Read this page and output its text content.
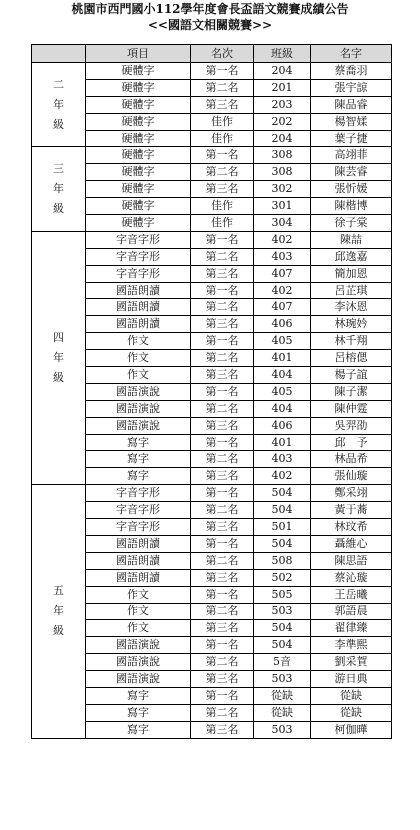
桃園市西門國小112學年度會長盃語文競賽成績公告
<<國語文相關競賽>>
	項目	名次	班級	名字

二
年
級	硬體字	第一名	204	蔡喬羽
	硬體字	第二名	201	張宇諒
	硬體字	第三名	203	陳品睿
	硬體字	佳作	202	楊智媃
	硬體字	佳作	204	葉子捷

三
年
級	硬體字	第一名	308	高翊菲
	硬體字	第二名	308	陳芸睿
	硬體字	第三名	302	張忻媛
	硬體字	佳作	301	陳楷博
	硬體字	佳作	304	徐子棠

四
年
級	字音字形	第一名	402	陳喆
	字音字形	第二名	403	邱逸嘉
	字音字形	第三名	407	簡加恩
	國語朗讀	第一名	402	呂芷琪
	國語朗讀	第二名	407	李沐恩
	國語朗讀	第三名	406	林琬妗
	作文	第一名	405	林千翔
	作文	第二名	401	呂榕偲
	作文	第三名	404	楊子誼
	國語演說	第一名	405	陳子潔
	國語演說	第二名	404	陳仲霆
	國語演說	第三名	406	吳羿劭
	寫字	第一名	401	邱　予
	寫字	第二名	403	林品希
	寫字	第三名	402	張仙璇

五
年
級	字音字形	第一名	504	鄭采翊
	字音字形	第二名	504	黃于蕎
	字音字形	第三名	501	林玟希
	國語朗讀	第一名	504	聶維心
	國語朗讀	第二名	508	陳思語
	國語朗讀	第三名	502	蔡沁璇
	作文	第一名	505	王岳曦
	作文	第二名	503	郭語晨
	作文	第三名	504	翟律臻
	國語演說	第一名	504	李準熙
	國語演說	第二名	5音	劉采賀
	國語演說	第三名	503	游日典
	寫字	第一名	從缺	從缺
	寫字	第二名	從缺	從缺
	寫字	第三名	503	柯伽曄
